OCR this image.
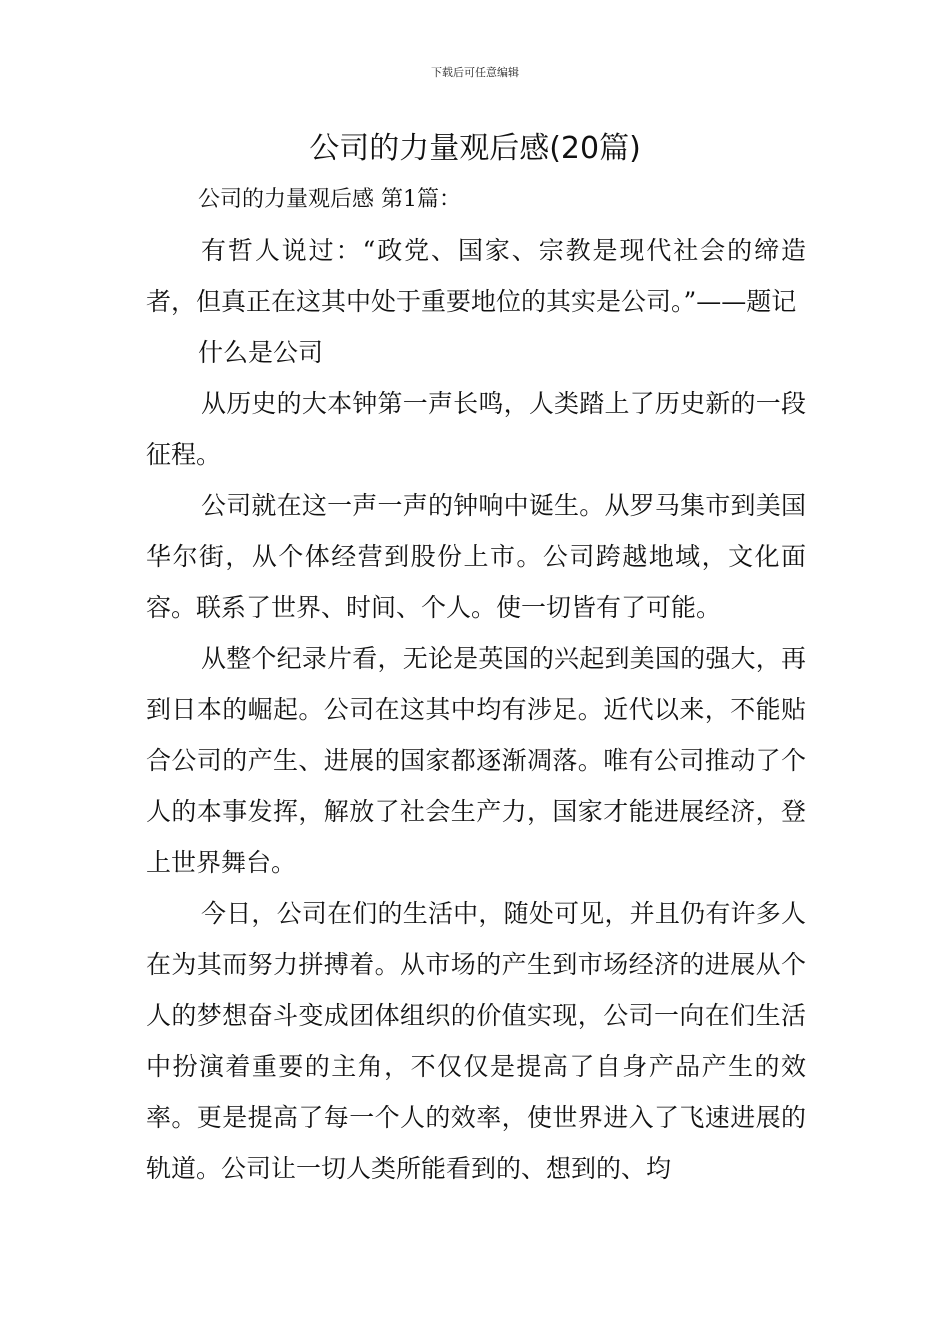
下载后可任意编辑
公司的力量观后感(20篇)

公司的力量观后感 第1篇：

有哲人说过：“政党、国家、宗教是现代社会的缔造者，但真正在这其中处于重要地位的其实是公司。”——题记

什么是公司

从历史的大本钟第一声长鸣，人类踏上了历史新的一段征程。

公司就在这一声一声的钟响中诞生。从罗马集市到美国华尔街，从个体经营到股份上市。公司跨越地域，文化面容。联系了世界、时间、个人。使一切皆有了可能。

从整个纪录片看，无论是英国的兴起到美国的强大，再到日本的崛起。公司在这其中均有涉足。近代以来，不能贴合公司的产生、进展的国家都逐渐凋落。唯有公司推动了个人的本事发挥，解放了社会生产力，国家才能进展经济，登上世界舞台。

今日，公司在们的生活中，随处可见，并且仍有许多人在为其而努力拼搏着。从市场的产生到市场经济的进展从个人的梦想奋斗变成团体组织的价值实现，公司一向在们生活中扮演着重要的主角，不仅仅是提高了自身产品产生的效率。更是提高了每一个人的效率，使世界进入了飞速进展的轨道。公司让一切人类所能看到的、想到的、均
